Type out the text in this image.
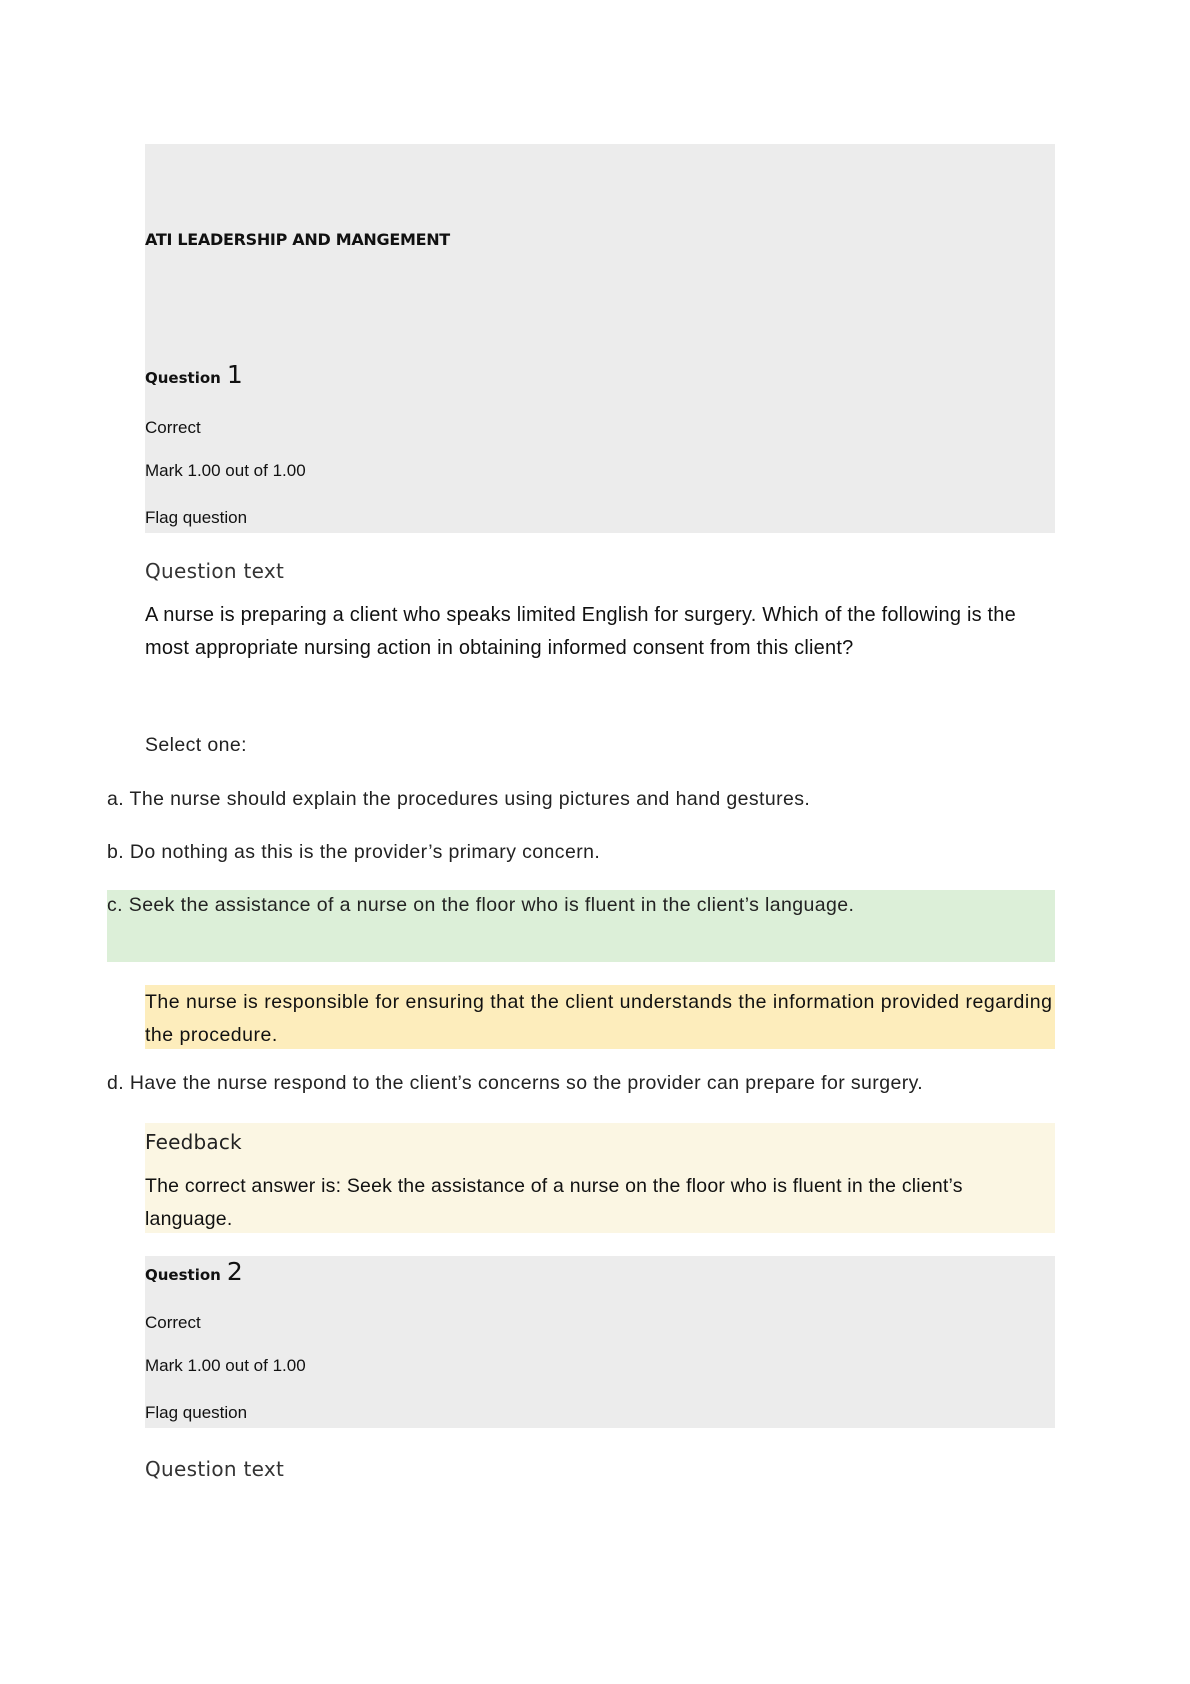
ATI LEADERSHIP AND MANGEMENT
Question 1
Correct
Mark 1.00 out of 1.00
Flag question
Question text
A nurse is preparing a client who speaks limited English for surgery. Which of the following is the most appropriate nursing action in obtaining informed consent from this client?
Select one:
a. The nurse should explain the procedures using pictures and hand gestures.
b. Do nothing as this is the provider’s primary concern.
c. Seek the assistance of a nurse on the floor who is fluent in the client’s language.
The nurse is responsible for ensuring that the client understands the information provided regarding the procedure.
d. Have the nurse respond to the client’s concerns so the provider can prepare for surgery.
Feedback
The correct answer is: Seek the assistance of a nurse on the floor who is fluent in the client’s language.
Question 2
Correct
Mark 1.00 out of 1.00
Flag question
Question text
